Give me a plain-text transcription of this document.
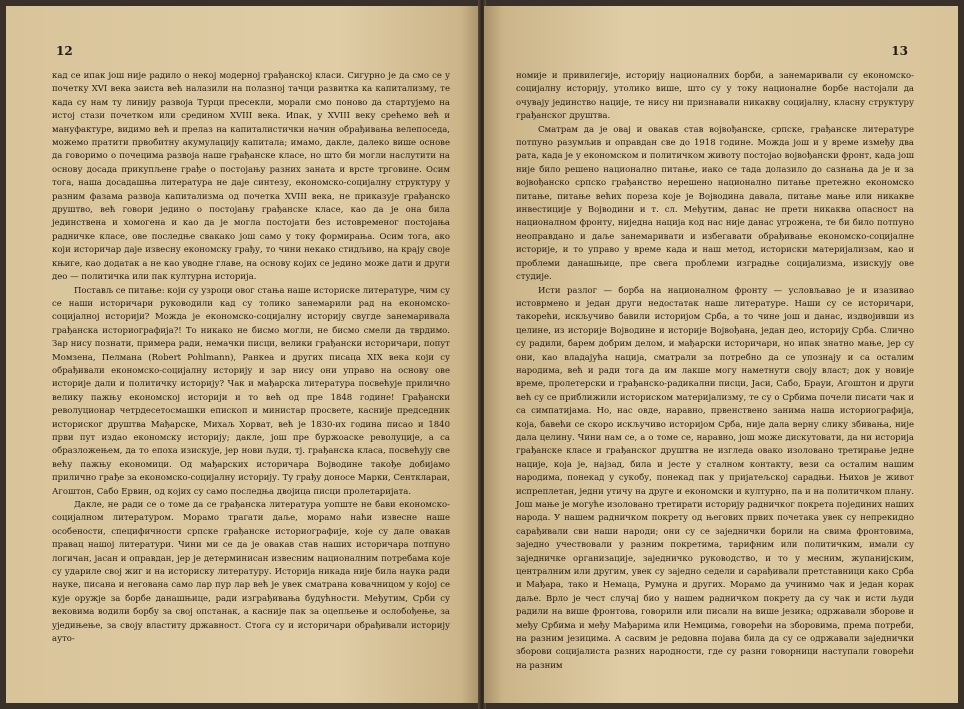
12

кад се ипак још није радило о некој модерној грађанској класи. Сигурно је да смо се у почетку XVI века заиста већ налазили на полазној тачци развитка ка капитализму, те када су нам ту линију развоја Турци пресекли, морали смо поново да стартујемо на истој стази почетком или средином XVIII века. Ипак, у XVIII веку срећемо већ и мануфактуре, видимо већ и прелаз на капиталистички начин обрађивања велепоседа, можемо пратити првобитну акумулацију капитала; имамо, дакле, далеко више основе да говоримо о почецима развоја наше грађанске класе, но што би могли наслутити на основу досада прикупљене грађе о постојању разних заната и врсте трговине. Осим тога, наша досадашња литература не даје синтезу, економско-социјалну структуру у разним фазама развоја капитализма од почетка XVIII века, не приказује грађанско друштво, већ говори једино о постојању грађанске класе, као да је она била јединствена и хомогена и као да је могла постојати без истовременог постојања радничке класе, ове последње свакако још само у току формирања. Осим тога, ако који историчар даје извесну економску грађу, то чини некако стидљиво, на крају своје књиге, као додатак а не као уводне главе, на основу којих се једино може дати и други део — политичка или пак културна историја.

Постављ се питање: који су узроци овог стања наше историске литературе, чим су се наши историчари руководили кад су толико занемарили рад на економско-социјалној историји? Можда је економско-социјалну историју свугде занемаривала грађанска историографија?! То никако не бисмо могли, не бисмо смели да тврдимо. Зар нису познати, примера ради, немачки писци, велики грађански историчари, попут Момзена, Пелмана (Robert Pohlmann), Ранкеа и других писаца XIX века који су обрађивали економско-социјалну историју и зар нису они управо на основу ове историје дали и политичку историју? Чак и мађарска литература посвећује прилично велику пажњу економској историји и то већ од пре 1848 године! Грађански револуционар четрдесетосмашки епископ и министар просвете, касније председник историског друштва Мађарске, Михаљ Хорват, већ је 1830-их година писао и 1840 први пут издао економску историју; дакле, још пре буржоаске револуције, а са образложењем, да то епоха изискује, јер нови људи, тј. грађанска класа, посвећују све већу пажњу економици. Од мађарских историчара Војводине такође добијамо прилично грађе за економско-социјалну историју. Ту грађу доносе Марки, Сентклараи, Агоштон, Сабо Ервин, од којих су само последња двојица писци пролетаријата.

Дакле, не ради се о томе да се грађанска литература уопште не бави економско-социјалном литературом. Морамо трагати даље, морамо наћи извесне наше особености, специфичности српске грађанске историографије, које су дале овакав правац нашој литератури. Чини ми се да је овакав став наших историчара потпуно логичан, јасан и оправдан, јер је детерминисан извесним националним потребама које су удариле свој жиг и на историску литературу. Историја никада није била наука ради науке, писана и негована само лар пур лар већ је увек сматрана ковачницом у којој се кује оружје за борбе данашњице, ради изграђивања будућности. Међутим, Срби су вековима водили борбу за свој опстанак, а касније пак за оцепљење и ослобођење, за уједињење, за своју властиту државност. Стога су и историчари обрађивали историју ауто-

13

номије и привилегије, историју националних борби, а занемаривали су економско-социјалну историју, утолико више, што су у току националне борбе настојали да очувају јединство нације, те нису ни признавали никакву социјалну, класну структуру грађанског друштва.

Сматрам да је овај и овакав став војвођанске, српске, грађанске литературе потпуно разумљив и оправдан све до 1918 године. Можда још и у време између два рата, када је у економском и политичком животу постојао војвођански фронт, када још није било решено национално питање, иако се тада долазило до сазнања да је и за војвођанско српско грађанство нерешено национално питање претежно економско питање, питање већих пореза које је Војводина давала, питање мање или никакве инвестиције у Војводини и т. сл. Међутим, данас не прети никаква опасност на националном фронту, ниједна нација код нас није данас угрожена, те би било потпуно неоправдано и даље занемаривати и избегавати обрађивање економско-социјалне историје, и то управо у време када и наш метод, историски материјализам, као и проблеми данашњице, пре свега проблеми изградње социјализма, изискују ове студије.

Исти разлог — борба на националном фронту — условљавао је и изазивао истоврмено и један други недостатак наше литературе. Наши су се историчари, такорећи, искључиво бавили историјом Срба, а то чине још и данас, издвојивши из целине, из историје Војводине и историје Војвођана, један део, историју Срба. Слично су радили, барем добрим делом, и мађарски историчари, но ипак знатно мање, јер су они, као владајућа нација, сматрали за потребно да се упознају и са осталим народима, већ и ради тога да им лакше могу наметнути своју власт; док у новије време, пролетерски и грађанско-радикални писци, Јаси, Сабо, Брауи, Агоштон и други већ су се приближили историском материјализму, те су о Србима почели писати чак и са симпатијама. Но, нас овде, наравно, првенствено занима наша историографија, која, бавећи се скоро искључиво историјом Срба, није дала верну слику збивања, није дала целину. Чини нам се, а о томе се, наравно, још може дискутовати, да ни историја грађанске класе и грађанског друштва не изгледа овако изоловано третирање једне нације, која је, најзад, била и јесте у сталном контакту, вези са осталим нашим народима, понекад у сукобу, понекад пак у пријатељској сарадњи. Њихов је живот испреплетан, једни утичу на друге и економски и културно, па и на политичком плану. Још мање је могуће изоловано третирати историју радничког покрета појединих наших народа. У нашем радничком покрету од његових првих почетака увек су непрекидно сарађивали сви наши народи; они су се заједнички борили на свима фронтовима, заједно учествовали у разним покретима, тарифним или политичким, имали су заједничке организације, заједничко руководство, и то у месним, жупанијским, централним или другим, увек су заједно седели и сарађивали претставници како Срба и Мађара, тако и Немаца, Румуна и других. Морамо да учинимо чак и један корак даље. Врло је чест случај био у нашем радничком покрету да су чак и исти људи радили на више фронтова, говорили или писали на више језика; одржавали зборове и међу Србима и међу Мађарима или Немцима, говорећи на зборовима, према потреби, на разним језицима. А сасвим је редовна појава била да су се одржавали заједнички зборови социјалиста разних народности, где су разни говорници наступали говорећи на разним
